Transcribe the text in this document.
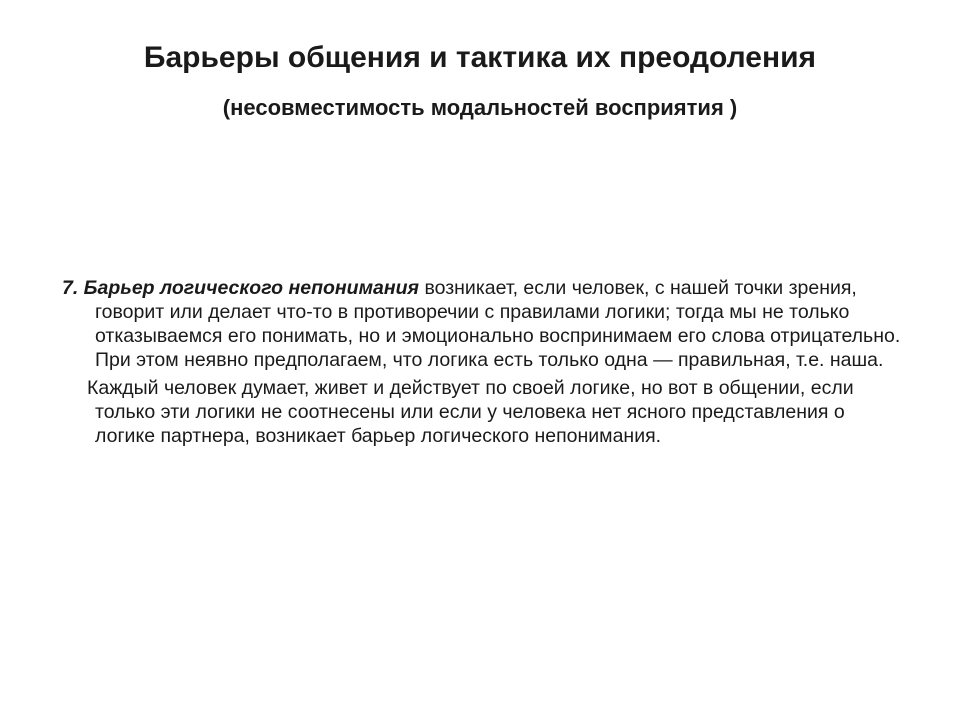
Барьеры общения и тактика их преодоления
(несовместимость модальностей восприятия )

7. Барьер логического непонимания возникает, если человек, с нашей точки зрения, говорит или делает что-то в противоречии с правилами логики; тогда мы не только отказываемся его понимать, но и эмоционально воспринимаем его слова отрицательно. При этом неявно предполагаем, что логика есть только одна — правильная, т.е. наша.

Каждый человек думает, живет и действует по своей логике, но вот в общении, если только эти логики не соотнесены или если у человека нет ясного представления о логике партнера, возникает барьер логического непонимания.
